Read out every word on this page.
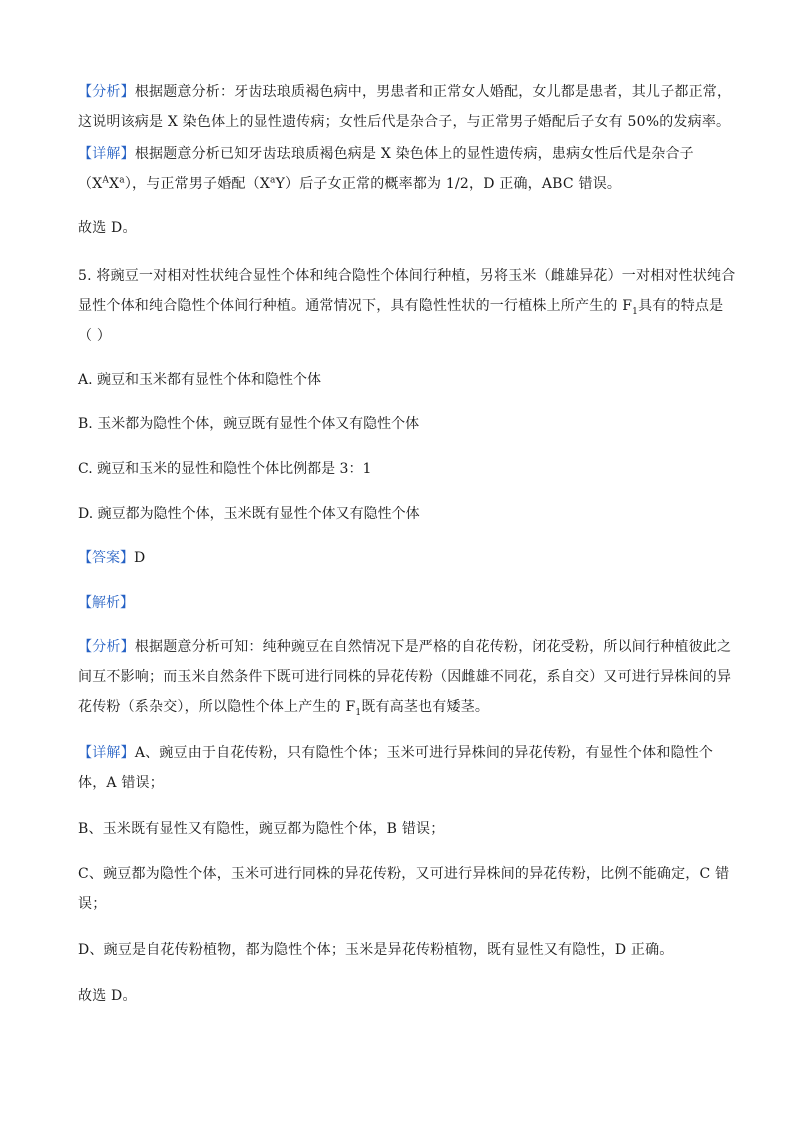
【分析】根据题意分析：牙齿珐琅质褐色病中，男患者和正常女人婚配，女儿都是患者，其儿子都正常，
这说明该病是 X 染色体上的显性遗传病；女性后代是杂合子，与正常男子婚配后子女有 50%的发病率。
【详解】根据题意分析已知牙齿珐琅质褐色病是 X 染色体上的显性遗传病，患病女性后代是杂合子
$(X^AX^a)$，与正常男子婚配$(X^aY)$后子女正常的概率都为 1/2，D 正确，ABC 错误。
故选 D。
5. 将豌豆一对相对性状纯合显性个体和纯合隐性个体间行种植，另将玉米（雌雄异花）一对相对性状纯合
显性个体和纯合隐性个体间行种植。通常情况下，具有隐性性状的一行植株上所产生的 $F_1$具有的特点是
（ ）
A. 豌豆和玉米都有显性个体和隐性个体
B. 玉米都为隐性个体，豌豆既有显性个体又有隐性个体
C. 豌豆和玉米的显性和隐性个体比例都是 3：1
D. 豌豆都为隐性个体，玉米既有显性个体又有隐性个体
【答案】D
【解析】
【分析】根据题意分析可知：纯种豌豆在自然情况下是严格的自花传粉，闭花受粉，所以间行种植彼此之
间互不影响；而玉米自然条件下既可进行同株的异花传粉（因雌雄不同花，系自交）又可进行异株间的异
花传粉（系杂交），所以隐性个体上产生的 $F_1$既有高茎也有矮茎。
【详解】A、豌豆由于自花传粉，只有隐性个体；玉米可进行异株间的异花传粉，有显性个体和隐性个
体，A 错误；
B、玉米既有显性又有隐性，豌豆都为隐性个体，B 错误；
C、豌豆都为隐性个体，玉米可进行同株的异花传粉，又可进行异株间的异花传粉，比例不能确定，C 错
误；
D、豌豆是自花传粉植物，都为隐性个体；玉米是异花传粉植物，既有显性又有隐性，D 正确。
故选 D。
